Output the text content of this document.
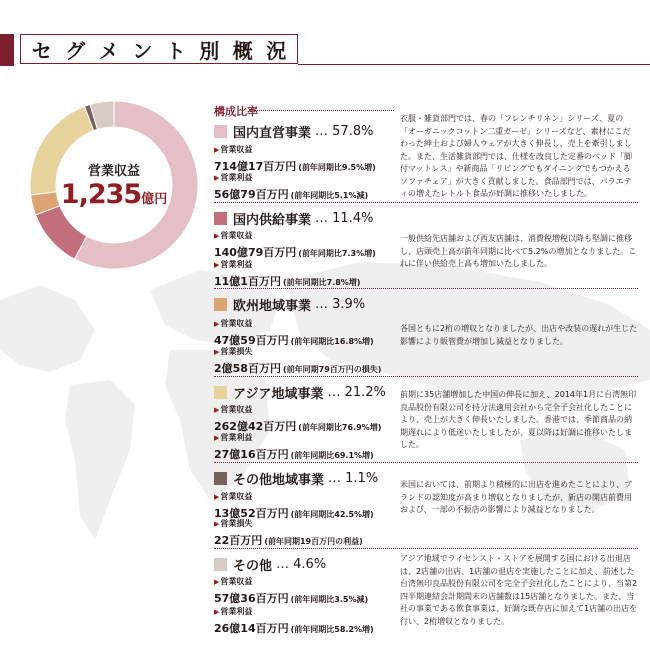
セ グ メ ン ト 別 概 況
営業収益
1,235億円
構成比率
国内直営事業 … 57.8%
▶ 営業収益
714億17百万円 (前年同期比9.5%増)
▶ 営業利益
56億79百万円 (前年同期比5.1%減)
衣服・雑貨部門では、春の「フレンチリネン」シリーズ、夏の「オーガニックコットン二重ガーゼ」シリーズなど、素材にこだわった紳士および婦人ウェアが大きく伸長し、売上を牽引しました。また、生活雑貨部門では、仕様を改良した定番のベッド「脚付マットレス」や新商品「リビングでもダイニングでもつかえるソファチェア」が大きく貢献しました。食品部門では、バラエティの増えたレトルト食品が好調に推移いたしました。
国内供給事業 … 11.4%
▶ 営業収益
140億79百万円 (前年同期比7.3%増)
▶ 営業利益
11億1百万円 (前年同期比7.8%増)
一般供給先店舗および西友店舗は、消費税増税以降も堅調に推移し、店頭売上高が前年同期に比べて5.2%の増加となりました。これに伴い供給売上高も増加いたしました。
欧州地域事業 … 3.9%
▶ 営業収益
47億59百万円 (前年同期比16.8%増)
▶ 営業損失
2億58百万円 (前年同期79百万円の損失)
各国ともに2桁の増収となりましたが、出店や改装の遅れが生じた影響により販管費が増加し減益となりました。
アジア地域事業 … 21.2%
▶ 営業収益
262億42百万円 (前年同期比76.9%増)
▶ 営業利益
27億16百万円 (前年同期比69.1%増)
前期に35店舗増加した中国の伸長に加え、2014年1月に台湾無印良品股份有限公司を持分法適用会社から完全子会社化したことにより、売上が大きく伸長いたしました。香港では、季節商品の納期遅れにより低迷いたしましたが、夏以降は好調に推移いたしました。
その他地域事業 … 1.1%
▶ 営業収益
13億52百万円 (前年同期比42.5%増)
▶ 営業損失
22百万円 (前年同期19百万円の利益)
米国においては、前期より積極的に出店を進めたことにより、ブランドの認知度が高まり増収となりましたが、新店の開店前費用および、一部の不振店の影響により減益となりました。
その他 … 4.6%
▶ 営業収益
57億36百万円 (前年同期比3.5%減)
▶ 営業利益
26億14百万円 (前年同期比58.2%増)
アジア地域でライセンスト・ストアを展開する国における出退店は、2店舗の出店、1店舗の退店を実施したことに加え、前述した台湾無印良品股份有限公司を完全子会社化したことにより、当第2四半期連結会計期間末の店舗数は15店舗となりました。また、当社の事業である飲食事業は、好調な既存店に加えて1店舗の出店を行い、2桁増収となりました。
